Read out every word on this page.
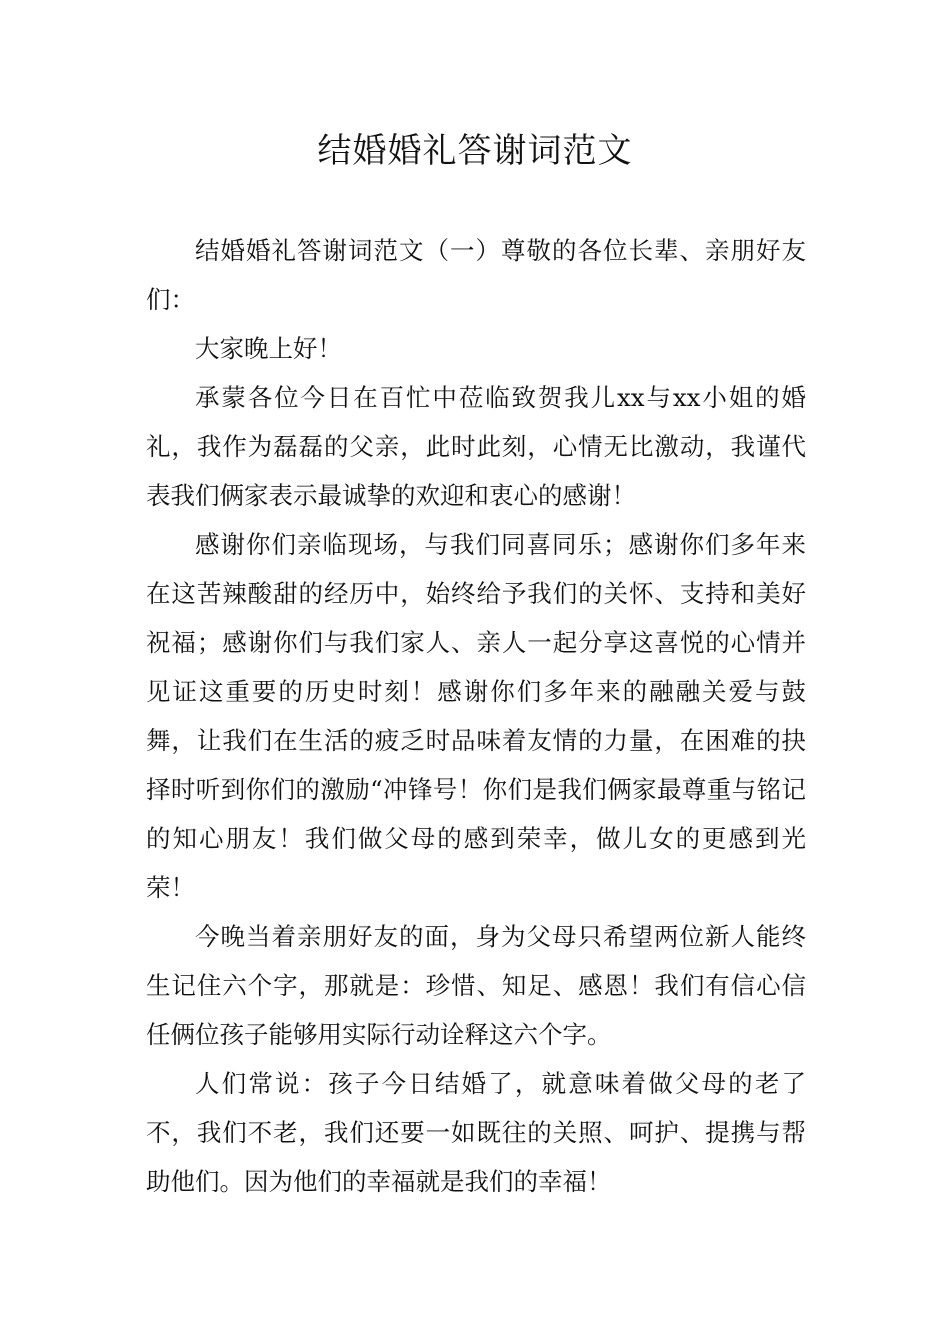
结婚婚礼答谢词范文

结婚婚礼答谢词范文（一）尊敬的各位长辈、亲朋好友们：

大家晚上好！

承蒙各位今日在百忙中莅临致贺我儿xx与xx小姐的婚礼，我作为磊磊的父亲，此时此刻，心情无比激动，我谨代表我们俩家表示最诚挚的欢迎和衷心的感谢！

感谢你们亲临现场，与我们同喜同乐；感谢你们多年来在这苦辣酸甜的经历中，始终给予我们的关怀、支持和美好祝福；感谢你们与我们家人、亲人一起分享这喜悦的心情并见证这重要的历史时刻！感谢你们多年来的融融关爱与鼓舞，让我们在生活的疲乏时品味着友情的力量，在困难的抉择时听到你们的激励“冲锋号！你们是我们俩家最尊重与铭记的知心朋友！我们做父母的感到荣幸，做儿女的更感到光荣！

今晚当着亲朋好友的面，身为父母只希望两位新人能终生记住六个字，那就是：珍惜、知足、感恩！我们有信心信任俩位孩子能够用实际行动诠释这六个字。

人们常说：孩子今日结婚了，就意味着做父母的老了不，我们不老，我们还要一如既往的关照、呵护、提携与帮助他们。因为他们的幸福就是我们的幸福！
